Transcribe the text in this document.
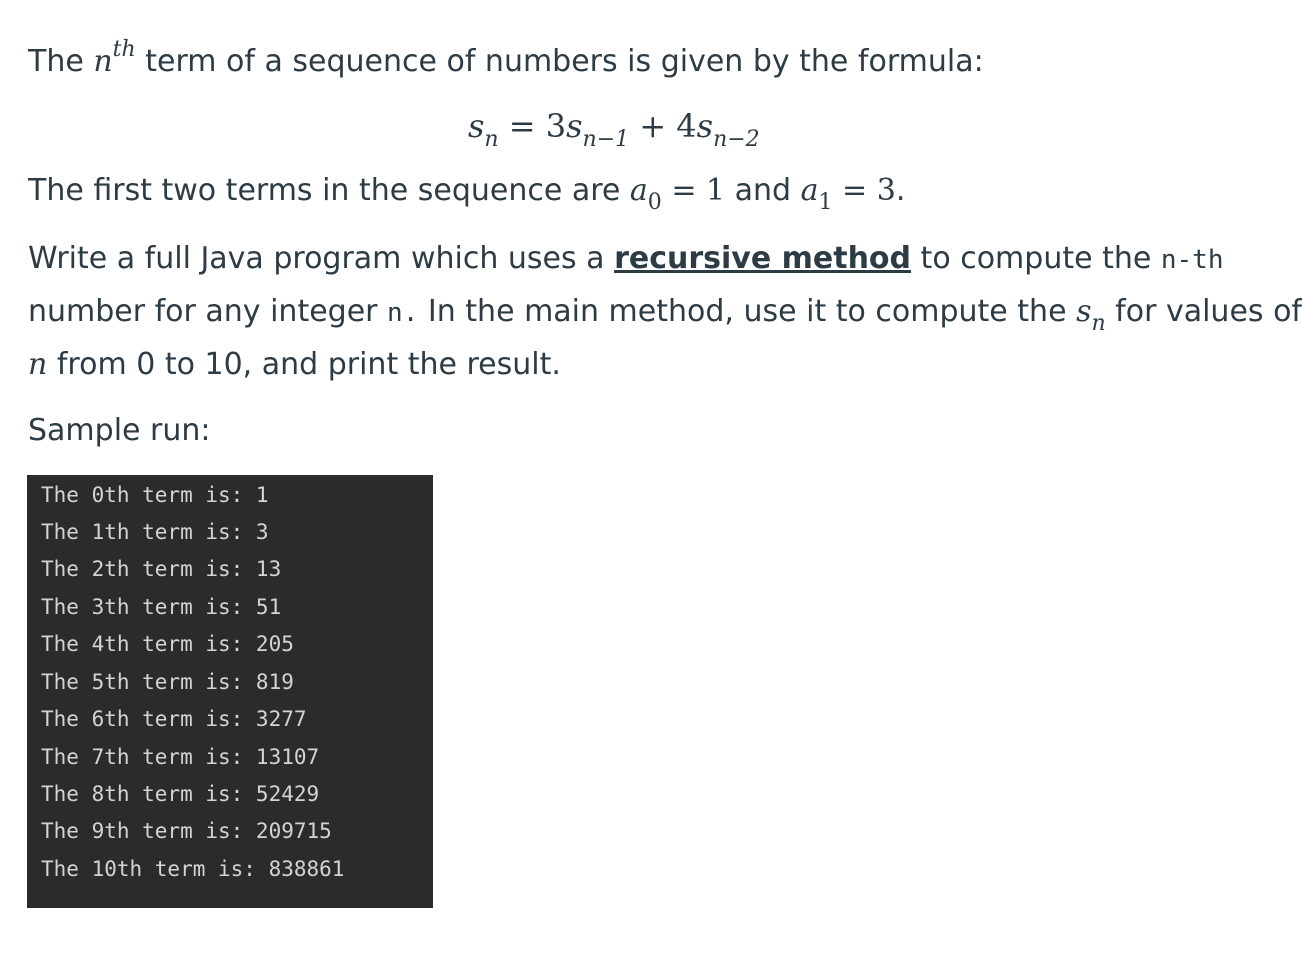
The $n^{th}$ term of a sequence of numbers is given by the formula:

$s_n = 3s_{n-1} + 4s_{n-2}$

The first two terms in the sequence are $a_0 = 1$ and $a_1 = 3$.

Write a full Java program which uses a recursive method to compute the n-th

number for any integer n. In the main method, use it to compute the $s_n$ for values of

n from 0 to 10, and print the result.

Sample run:

The 0th term is: 1
The 1th term is: 3
The 2th term is: 13
The 3th term is: 51
The 4th term is: 205
The 5th term is: 819
The 6th term is: 3277
The 7th term is: 13107
The 8th term is: 52429
The 9th term is: 209715
The 10th term is: 838861
